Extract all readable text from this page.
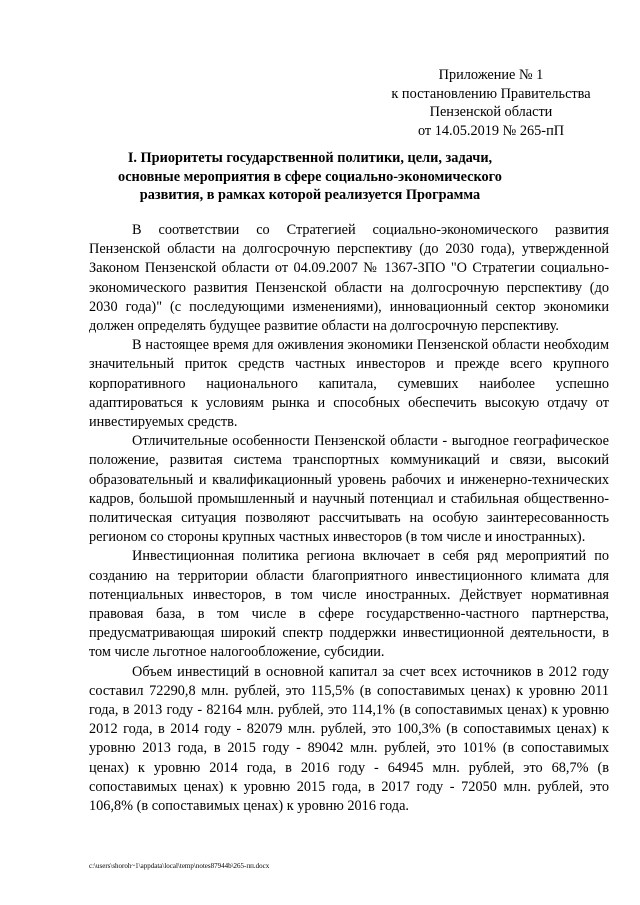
Приложение № 1
к постановлению Правительства
Пензенской области
от 14.05.2019 № 265-пП
I. Приоритеты государственной политики, цели, задачи,
основные мероприятия в сфере социально-экономического
развития, в рамках которой реализуется Программа

В соответствии со Стратегией социально-экономического развития Пензенской области на долгосрочную перспективу (до 2030 года), утвержденной Законом Пензенской области от 04.09.2007 № 1367-ЗПО "О Стратегии социально-экономического развития Пензенской области на долгосрочную перспективу (до 2030 года)" (с последующими изменениями), инновационный сектор экономики должен определять будущее развитие области на долгосрочную перспективу.

В настоящее время для оживления экономики Пензенской области необходим значительный приток средств частных инвесторов и прежде всего крупного корпоративного национального капитала, сумевших наиболее успешно адаптироваться к условиям рынка и способных обеспечить высокую отдачу от инвестируемых средств.

Отличительные особенности Пензенской области - выгодное географическое положение, развитая система транспортных коммуникаций и связи, высокий образовательный и квалификационный уровень рабочих и инженерно-технических кадров, большой промышленный и научный потенциал и стабильная общественно-политическая ситуация позволяют рассчитывать на особую заинтересованность регионом со стороны крупных частных инвесторов (в том числе и иностранных).

Инвестиционная политика региона включает в себя ряд мероприятий по созданию на территории области благоприятного инвестиционного климата для потенциальных инвесторов, в том числе иностранных. Действует нормативная правовая база, в том числе в сфере государственно-частного партнерства, предусматривающая широкий спектр поддержки инвестиционной деятельности, в том числе льготное налогообложение, субсидии.

Объем инвестиций в основной капитал за счет всех источников в 2012 году составил 72290,8 млн. рублей, это 115,5% (в сопоставимых ценах) к уровню 2011 года, в 2013 году - 82164 млн. рублей, это 114,1% (в сопоставимых ценах) к уровню 2012 года, в 2014 году - 82079 млн. рублей, это 100,3% (в сопоставимых ценах) к уровню 2013 года, в 2015 году - 89042 млн. рублей, это 101% (в сопоставимых ценах) к уровню 2014 года, в 2016 году - 64945 млн. рублей, это 68,7% (в сопоставимых ценах) к уровню 2015 года, в 2017 году - 72050 млн. рублей, это 106,8% (в сопоставимых ценах) к уровню 2016 года.

c:\users\shoroh~1\appdata\local\temp\notes87944b\265-пп.docx
